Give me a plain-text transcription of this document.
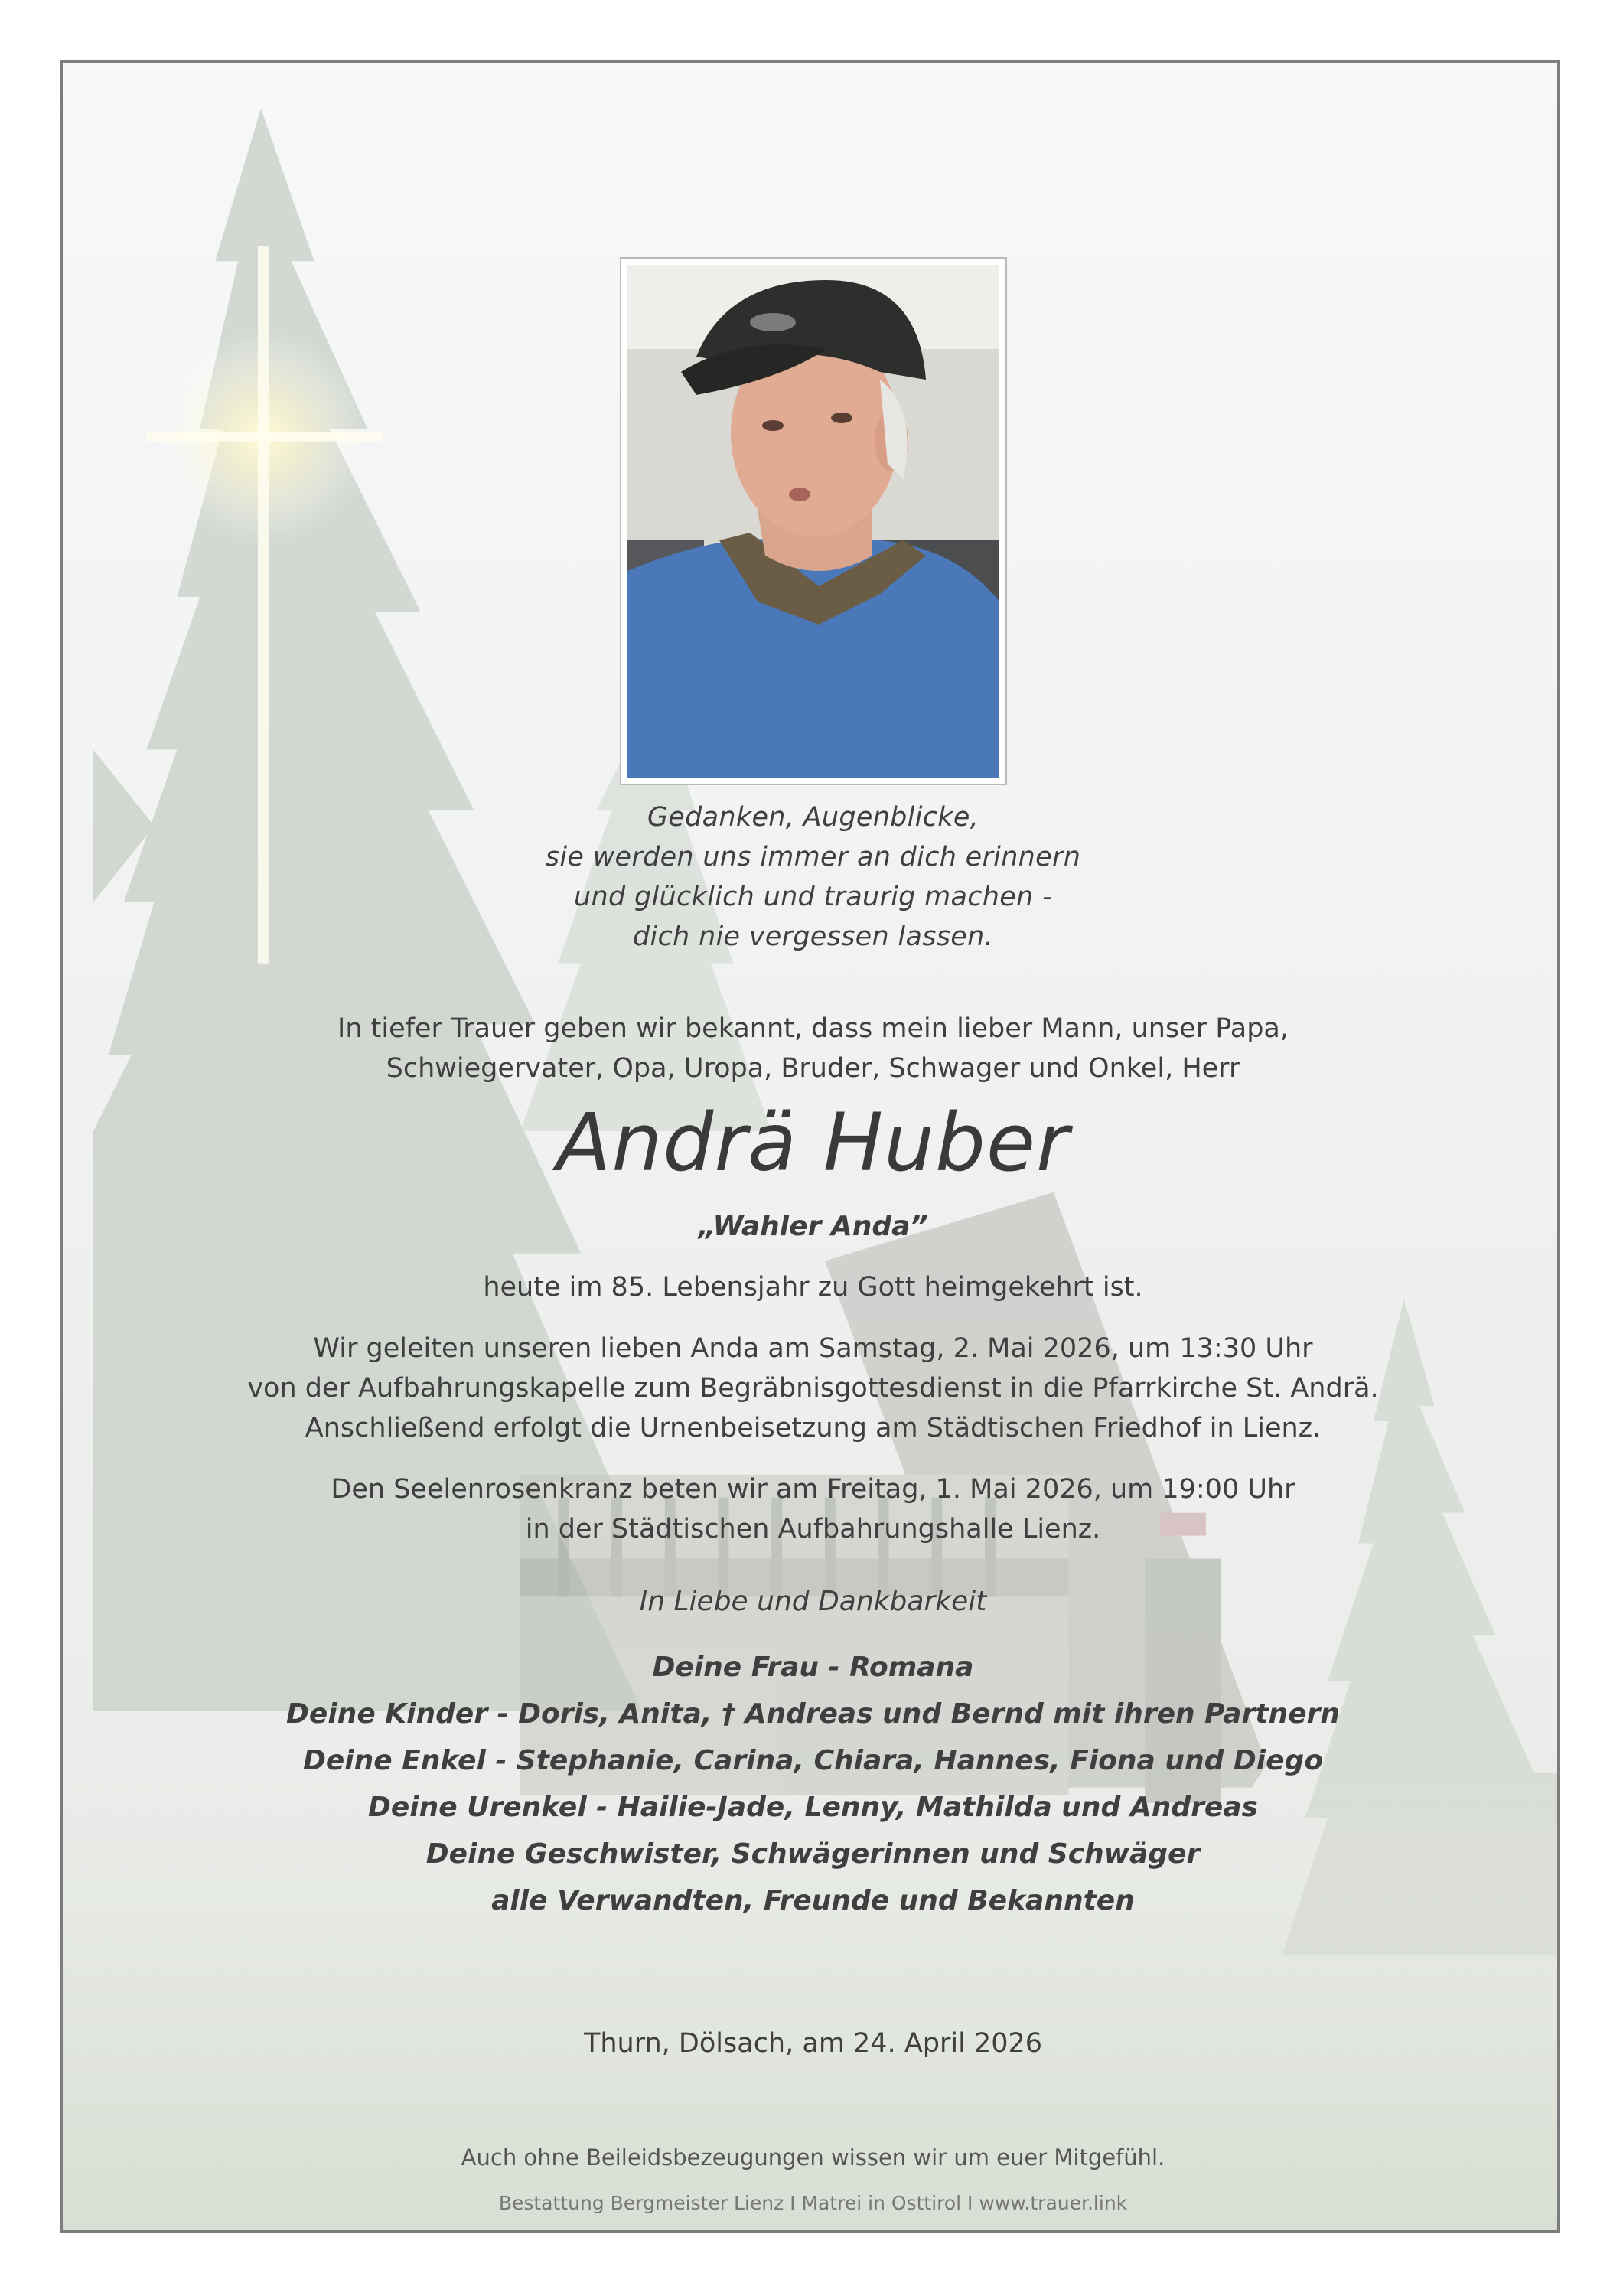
Gedanken, Augenblicke,
sie werden uns immer an dich erinnern
und glücklich und traurig machen -
dich nie vergessen lassen.
In tiefer Trauer geben wir bekannt, dass mein lieber Mann, unser Papa,
Schwiegervater, Opa, Uropa, Bruder, Schwager und Onkel, Herr
Andrä Huber
„Wahler Anda”
heute im 85. Lebensjahr zu Gott heimgekehrt ist.
Wir geleiten unseren lieben Anda am Samstag, 2. Mai 2026, um 13:30 Uhr
von der Aufbahrungskapelle zum Begräbnisgottesdienst in die Pfarrkirche St. Andrä.
Anschließend erfolgt die Urnenbeisetzung am Städtischen Friedhof in Lienz.
Den Seelenrosenkranz beten wir am Freitag, 1. Mai 2026, um 19:00 Uhr
in der Städtischen Aufbahrungshalle Lienz.
In Liebe und Dankbarkeit
Deine Frau - Romana
Deine Kinder - Doris, Anita, † Andreas und Bernd mit ihren Partnern
Deine Enkel - Stephanie, Carina, Chiara, Hannes, Fiona und Diego
Deine Urenkel - Hailie-Jade, Lenny, Mathilda und Andreas
Deine Geschwister, Schwägerinnen und Schwäger
alle Verwandten, Freunde und Bekannten
Thurn, Dölsach, am 24. April 2026
Auch ohne Beileidsbezeugungen wissen wir um euer Mitgefühl.
Bestattung Bergmeister Lienz I Matrei in Osttirol I www.trauer.link
